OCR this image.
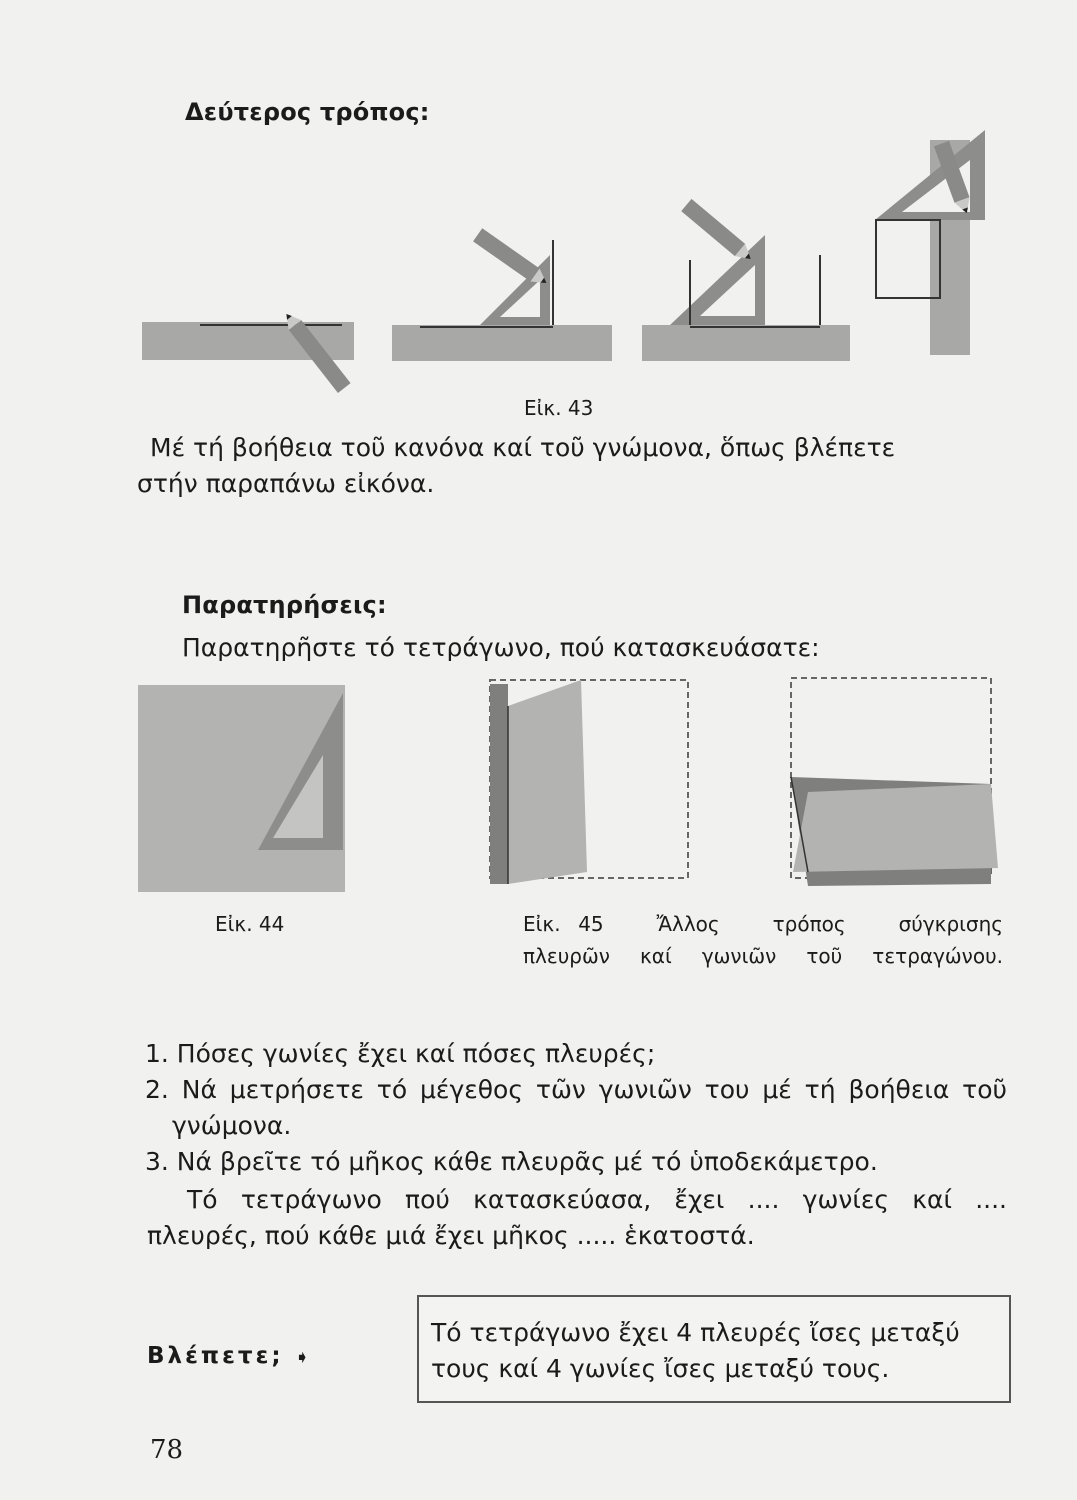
Δεύτερος τρόπος:
Εἰκ. 43
Μέ τή βοήθεια τοῦ κανόνα καί τοῦ γνώμονα, ὅπως βλέπετε
στήν παραπάνω εἰκόνα.
Παρατηρήσεις:
Παρατηρῆστε τό τετράγωνο, πού κατασκευάσατε:
Εἰκ. 44	Εἰκ. 45   Ἄλλος   τρόπος   σύγκρισης
πλευρῶν καί γωνιῶν τοῦ τετραγώνου.
1. Πόσες γωνίες ἔχει καί πόσες πλευρές;
2. Νά μετρήσετε τό μέγεθος τῶν γωνιῶν του μέ τή βοήθεια τοῦ
γνώμονα.
3. Νά βρεῖτε τό μῆκος κάθε πλευρᾶς μέ τό ὑποδεκάμετρο.
Τό τετράγωνο πού κατασκεύασα, ἔχει .... γωνίες καί ....
πλευρές, πού κάθε μιά ἔχει μῆκος ..... ἑκατοστά.
Βλέπετε; ➧
Τό τετράγωνο ἔχει 4 πλευρές ἴσες μεταξύ
τους καί 4 γωνίες ἴσες μεταξύ τους.
78
